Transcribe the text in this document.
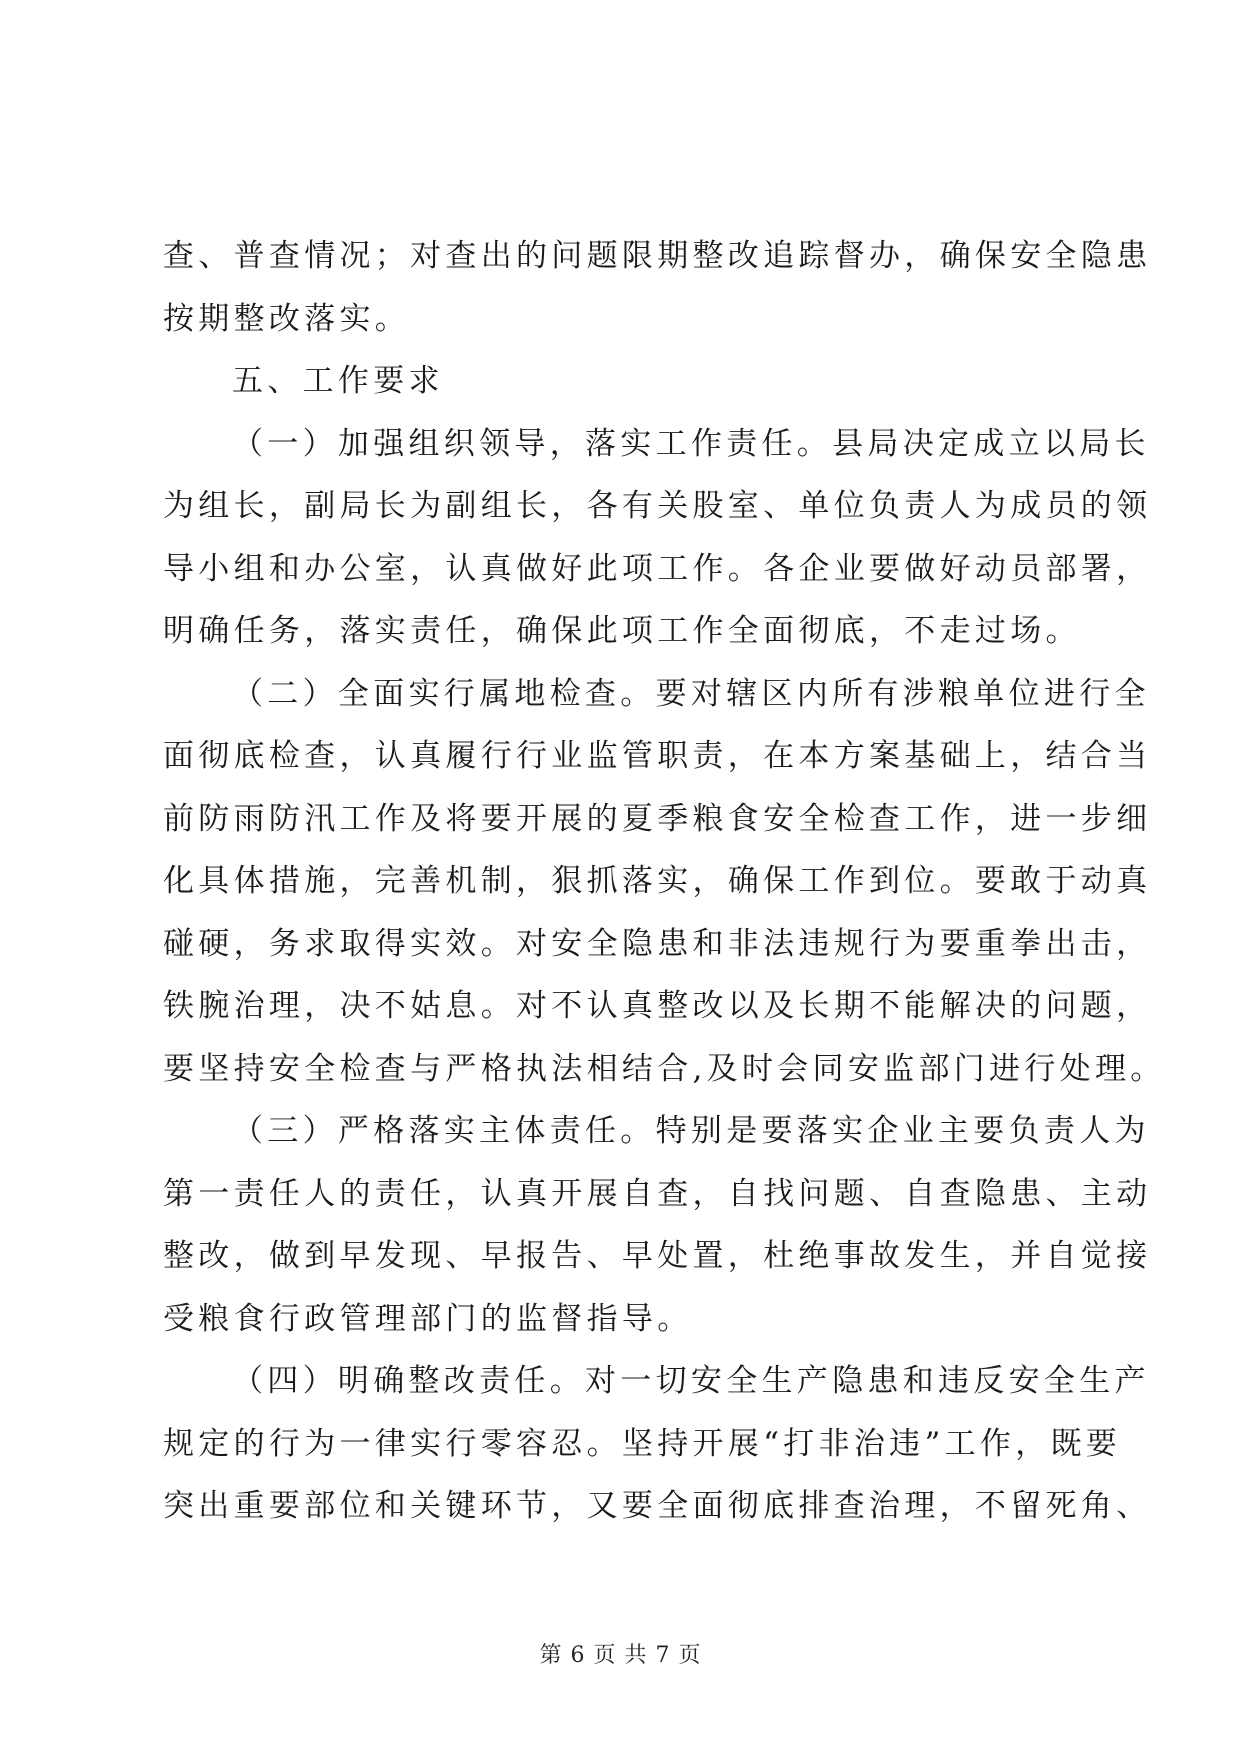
查、普查情况；对查出的问题限期整改追踪督办，确保安全隐患
按期整改落实。
五、工作要求
（一）加强组织领导，落实工作责任。县局决定成立以局长
为组长，副局长为副组长，各有关股室、单位负责人为成员的领
导小组和办公室，认真做好此项工作。各企业要做好动员部署，
明确任务，落实责任，确保此项工作全面彻底，不走过场。
（二）全面实行属地检查。要对辖区内所有涉粮单位进行全
面彻底检查，认真履行行业监管职责，在本方案基础上，结合当
前防雨防汛工作及将要开展的夏季粮食安全检查工作，进一步细
化具体措施，完善机制，狠抓落实，确保工作到位。要敢于动真
碰硬，务求取得实效。对安全隐患和非法违规行为要重拳出击，
铁腕治理，决不姑息。对不认真整改以及长期不能解决的问题，
要坚持安全检查与严格执法相结合,及时会同安监部门进行处理。
（三）严格落实主体责任。特别是要落实企业主要负责人为
第一责任人的责任，认真开展自查，自找问题、自查隐患、主动
整改，做到早发现、早报告、早处置，杜绝事故发生，并自觉接
受粮食行政管理部门的监督指导。
（四）明确整改责任。对一切安全生产隐患和违反安全生产
规定的行为一律实行零容忍。坚持开展“打非治违”工作，既要
突出重要部位和关键环节，又要全面彻底排查治理，不留死角、
第 6 页 共 7 页
